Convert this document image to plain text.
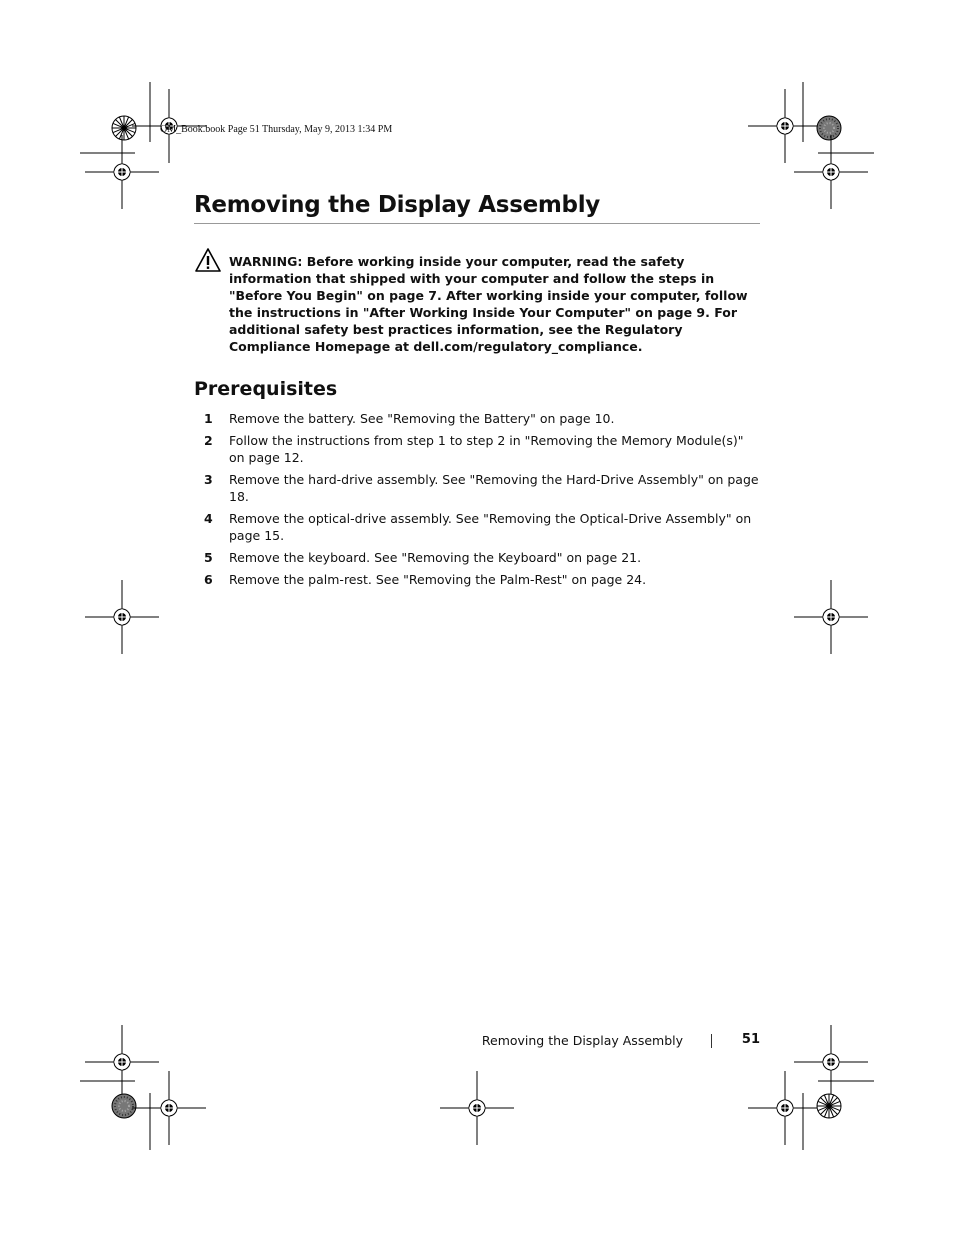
OM_Book.book Page 51 Thursday, May 9, 2013 1:34 PM
Removing the Display Assembly

WARNING: Before working inside your computer, read the safety information that shipped with your computer and follow the steps in "Before You Begin" on page 7. After working inside your computer, follow the instructions in "After Working Inside Your Computer" on page 9. For additional safety best practices information, see the Regulatory Compliance Homepage at dell.com/regulatory_compliance.

Prerequisites
1	Remove the battery. See "Removing the Battery" on page 10.
2	Follow the instructions from step 1 to step 2 in "Removing the Memory Module(s)" on page 12.
3	Remove the hard-drive assembly. See "Removing the Hard-Drive Assembly" on page 18.
4	Remove the optical-drive assembly. See "Removing the Optical-Drive Assembly" on page 15.
5	Remove the keyboard. See "Removing the Keyboard" on page 21.
6	Remove the palm-rest. See "Removing the Palm-Rest" on page 24.
Removing the Display Assembly	51
